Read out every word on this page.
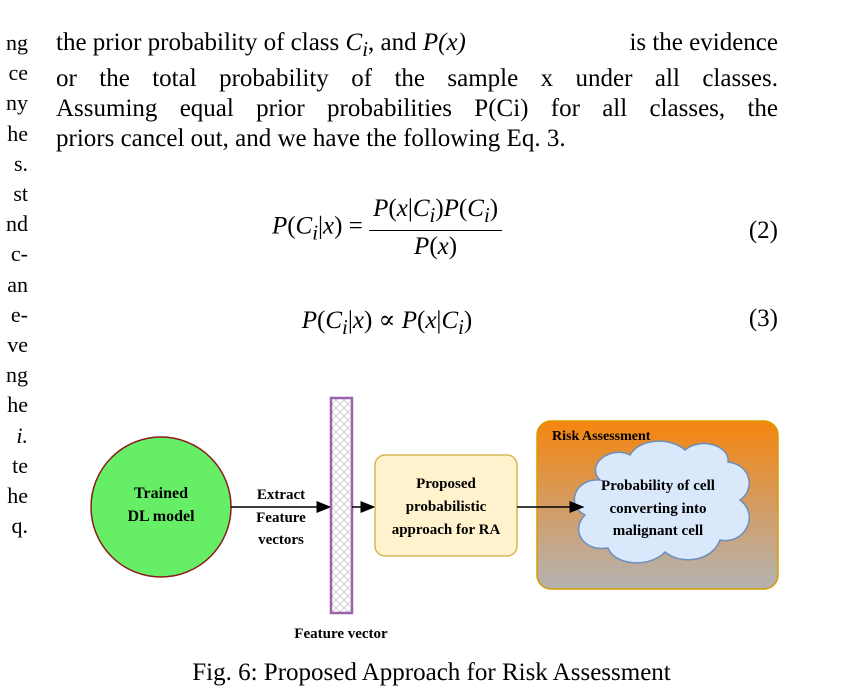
ng
ce
ny
he
s.
st
nd
c-
an
e-
ve
ng
he
i.
te
he
q.
the prior probability of class $C_i$, and P(x)	is the evidence
or the total probability of the sample x under all classes.
Assuming equal prior probabilities P(Ci) for all classes, the
priors cancel out, and we have the following Eq. 3.
$P(C_i|x) = \frac{P(x|C_i)P(C_i)}{P(x)}$	(2)
$P(C_i|x) \propto P(x|C_i)$	(3)
Trained
DL model
Extract
Feature
vectors
Feature vector
Proposed
probabilistic
approach for RA
Risk Assessment
Probability of cell
converting into
malignant cell
Fig. 6: Proposed Approach for Risk Assessment
